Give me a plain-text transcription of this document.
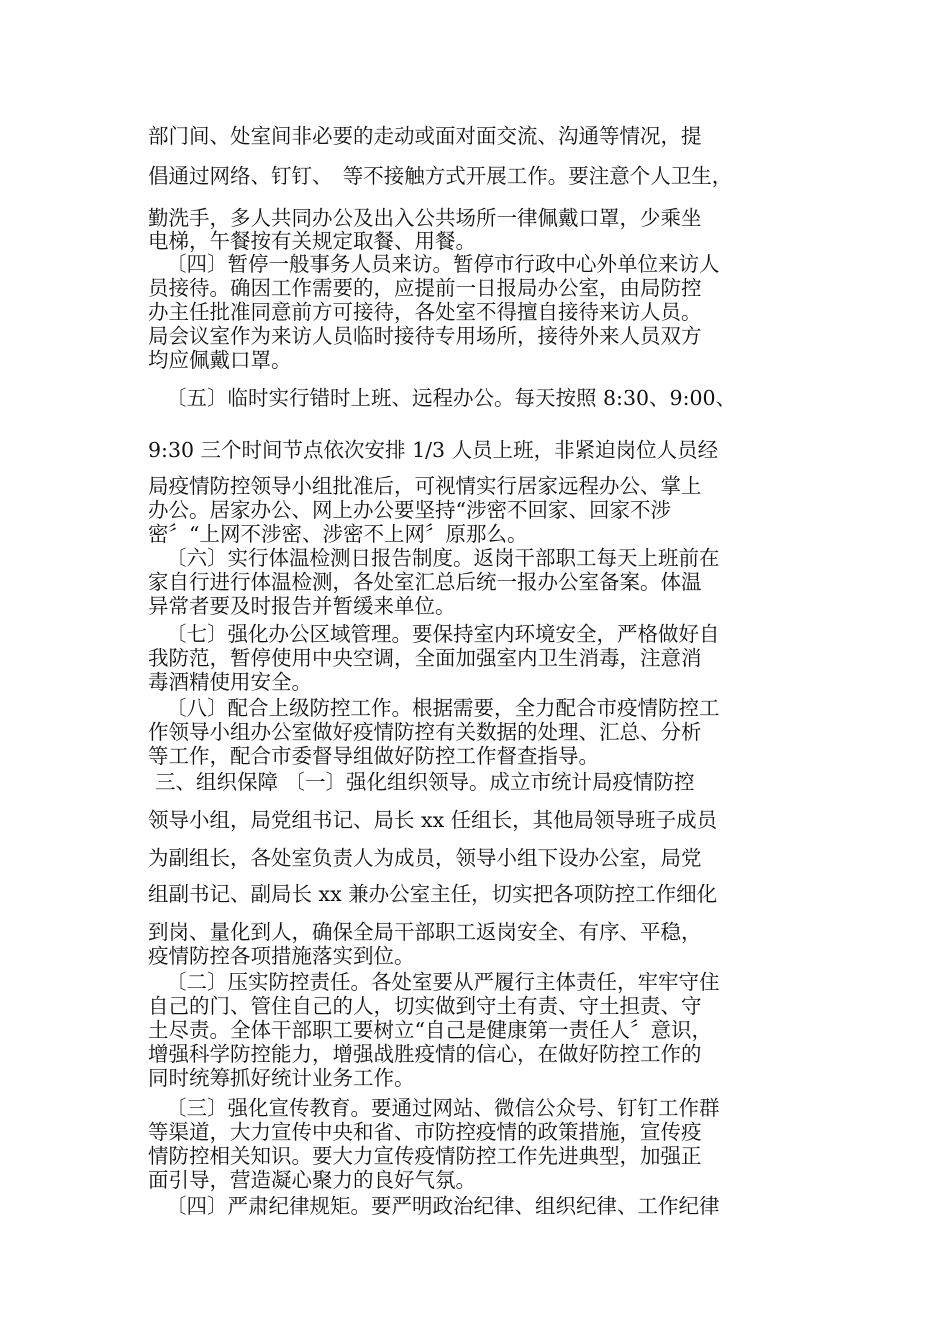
部门间、处室间非必要的走动或面对面交流、沟通等情况，提

倡通过网络、钉钉、　等不接触方式开展工作。要注意个人卫生，

勤洗手，多人共同办公及出入公共场所一律佩戴口罩，少乘坐

电梯，午餐按有关规定取餐、用餐。

〔四〕暂停一般事务人员来访。暂停市行政中心外单位来访人

员接待。确因工作需要的，应提前一日报局办公室，由局防控

办主任批准同意前方可接待，各处室不得擅自接待来访人员。

局会议室作为来访人员临时接待专用场所，接待外来人员双方

均应佩戴口罩。

〔五〕临时实行错时上班、远程办公。每天按照 8:30、9:00、

9:30 三个时间节点依次安排 1/3 人员上班，非紧迫岗位人员经

局疫情防控领导小组批准后，可视情实行居家远程办公、掌上

办公。居家办公、网上办公要坚持“涉密不回家、回家不涉

密〞“上网不涉密、涉密不上网〞原那么。

〔六〕实行体温检测日报告制度。返岗干部职工每天上班前在

家自行进行体温检测，各处室汇总后统一报办公室备案。体温

异常者要及时报告并暂缓来单位。

〔七〕强化办公区域管理。要保持室内环境安全，严格做好自

我防范，暂停使用中央空调，全面加强室内卫生消毒，注意消

毒酒精使用安全。

〔八〕配合上级防控工作。根据需要，全力配合市疫情防控工

作领导小组办公室做好疫情防控有关数据的处理、汇总、分析

等工作，配合市委督导组做好防控工作督查指导。

三、组织保障 〔一〕强化组织领导。成立市统计局疫情防控

领导小组，局党组书记、局长 xx 任组长，其他局领导班子成员

为副组长，各处室负责人为成员，领导小组下设办公室，局党

组副书记、副局长 xx 兼办公室主任，切实把各项防控工作细化

到岗、量化到人，确保全局干部职工返岗安全、有序、平稳，

疫情防控各项措施落实到位。

〔二〕压实防控责任。各处室要从严履行主体责任，牢牢守住

自己的门、管住自己的人，切实做到守土有责、守土担责、守

土尽责。全体干部职工要树立“自己是健康第一责任人〞意识，

增强科学防控能力，增强战胜疫情的信心，在做好防控工作的

同时统筹抓好统计业务工作。

〔三〕强化宣传教育。要通过网站、微信公众号、钉钉工作群

等渠道，大力宣传中央和省、市防控疫情的政策措施，宣传疫

情防控相关知识。要大力宣传疫情防控工作先进典型，加强正

面引导，营造凝心聚力的良好气氛。

〔四〕严肃纪律规矩。要严明政治纪律、组织纪律、工作纪律
